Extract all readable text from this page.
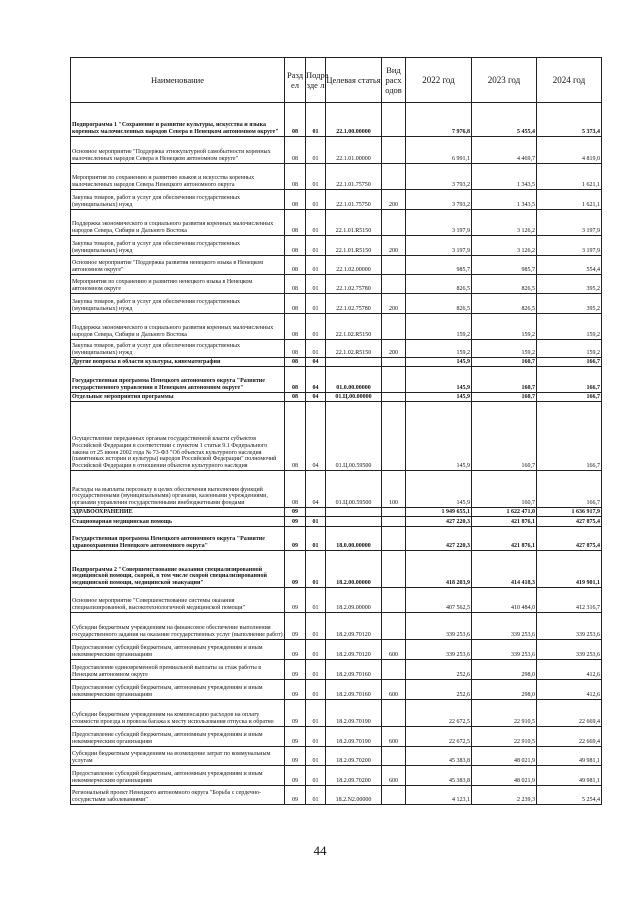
Наименование	Разд ел	Подра зде л	Целевая статья	Вид расх одов	2022 год	2023 год	2024 год
Подпрограмма 1 "Сохранение и развитие культуры, искусства и языка коренных малочисленных народов Севера в Ненецком автономном округе"	08	01	22.1.00.00000		7 976,8	5 455,4	5 373,4
Основное мероприятие "Поддержка этнокультурной самобытности коренных малочисленных народов Севера в Ненецком автономном округе"	08	01	22.1.01.00000		6 991,1	4 469,7	4 819,0
Мероприятия по сохранению и развитию языков и искусства коренных малочисленных народов Севера Ненецкого автономного округа	08	01	22.1.01.75750		3 793,2	1 343,5	1 621,1
Закупка товаров, работ и услуг для обеспечения государственных (муниципальных) нужд	08	01	22.1.01.75750	200	3 793,2	1 343,5	1 621,1
Поддержка экономического и социального развития коренных малочисленных народов Севера, Сибири и Дальнего Востока	08	01	22.1.01.R5150		3 197,9	3 126,2	3 197,9
Закупка товаров, работ и услуг для обеспечения государственных (муниципальных) нужд	08	01	22.1.01.R5150	200	3 197,9	3 126,2	3 197,9
Основное мероприятие "Поддержка развития ненецкого языка в Ненецком автономном округе"	08	01	22.1.02.00000		985,7	985,7	554,4
Мероприятия по сохранению и развитию ненецкого языка в Ненецком автономном округе	08	01	22.1.02.75780		826,5	826,5	395,2
Закупка товаров, работ и услуг для обеспечения государственных (муниципальных) нужд	08	01	22.1.02.75780	200	826,5	826,5	395,2
Поддержка экономического и социального развития коренных малочисленных народов Севера, Сибири и Дальнего Востока	08	01	22.1.02.R5150		159,2	159,2	159,2
Закупка товаров, работ и услуг для обеспечения государственных (муниципальных) нужд	08	01	22.1.02.R5150	200	159,2	159,2	159,2
Другие вопросы в области культуры, кинематографии	08	04			145,9	160,7	166,7
Государственная программа Ненецкого автономного округа "Развитие государственного управления в Ненецком автономном округе"	08	04	01.0.00.00000		145,9	160,7	166,7
Отдельные мероприятия программы	08	04	01.Ц.00.00000		145,9	160,7	166,7
Осуществление переданных органам государственной власти субъектов Российской Федерации в соответствии с пунктом 1 статьи 9.1 Федерального закона от 25 июня 2002 года № 73-ФЗ "Об объектах культурного наследия (памятниках истории и культуры) народов Российской Федерации" полномочий Российской Федерации в отношении объектов культурного наследия	08	04	01.Ц.00.59500		145,9	160,7	166,7
Расходы на выплаты персоналу в целях обеспечения выполнения функций государственными (муниципальными) органами, казенными учреждениями, органами управления государственными внебюджетными фондами	08	04	01.Ц.00.59500	100	145,9	160,7	166,7
ЗДРАВООХРАНЕНИЕ	09				1 949 655,1	1 622 471,0	1 636 917,9
Стационарная медицинская помощь	09	01			427 220,3	421 876,1	427 875,4
Государственная программа Ненецкого автономного округа "Развитие здравоохранения Ненецкого автономного округа"	09	01	18.0.00.00000		427 220,3	421 876,1	427 875,4
Подпрограмма 2 "Совершенствование оказания специализированной медицинской помощи, скорой, в том числе скорой специализированной медицинской помощи, медицинской эвакуации"	09	01	18.2.00.00000		418 203,9	414 418,3	419 901,1
Основное мероприятие "Совершенствование системы оказания специализированной, высокотехнологичной медицинской помощи"	09	01	18.2.09.00000		407 562,5	410 484,0	412 316,7
Субсидии бюджетным учреждениям на финансовое обеспечение выполнения государственного задания на оказание государственных услуг (выполнение работ)	09	01	18.2.09.70120		339 253,6	339 253,6	339 253,6
Предоставление субсидий бюджетным, автономным учреждениям и иным некоммерческим организациям	09	01	18.2.09.70120	600	339 253,6	339 253,6	339 253,6
Предоставление единовременной премиальной выплаты за стаж работы в Ненецком автономном округе	09	01	18.2.09.70160		252,6	298,0	412,6
Предоставление субсидий бюджетным, автономным учреждениям и иным некоммерческим организациям	09	01	18.2.09.70160	600	252,6	298,0	412,6
Субсидии бюджетным учреждениям на компенсацию расходов на оплату стоимости проезда и провоза багажа к месту использования отпуска и обратно	09	01	18.2.09.70190		22 672,5	22 910,5	22 669,4
Предоставление субсидий бюджетным, автономным учреждениям и иным некоммерческим организациям	09	01	18.2.09.70190	600	22 672,5	22 910,5	22 669,4
Субсидии бюджетным учреждениям на возмещение затрат по коммунальным услугам	09	01	18.2.09.70200		45 383,8	48 021,9	49 981,1
Предоставление субсидий бюджетным, автономным учреждениям и иным некоммерческим организациям	09	01	18.2.09.70200	600	45 383,8	48 021,9	49 981,1
Региональный проект Ненецкого автономного округа "Борьба с сердечно-сосудистыми заболеваниями"	09	01	18.2.N2.00000		4 123,1	2 239,3	5 254,4
44
